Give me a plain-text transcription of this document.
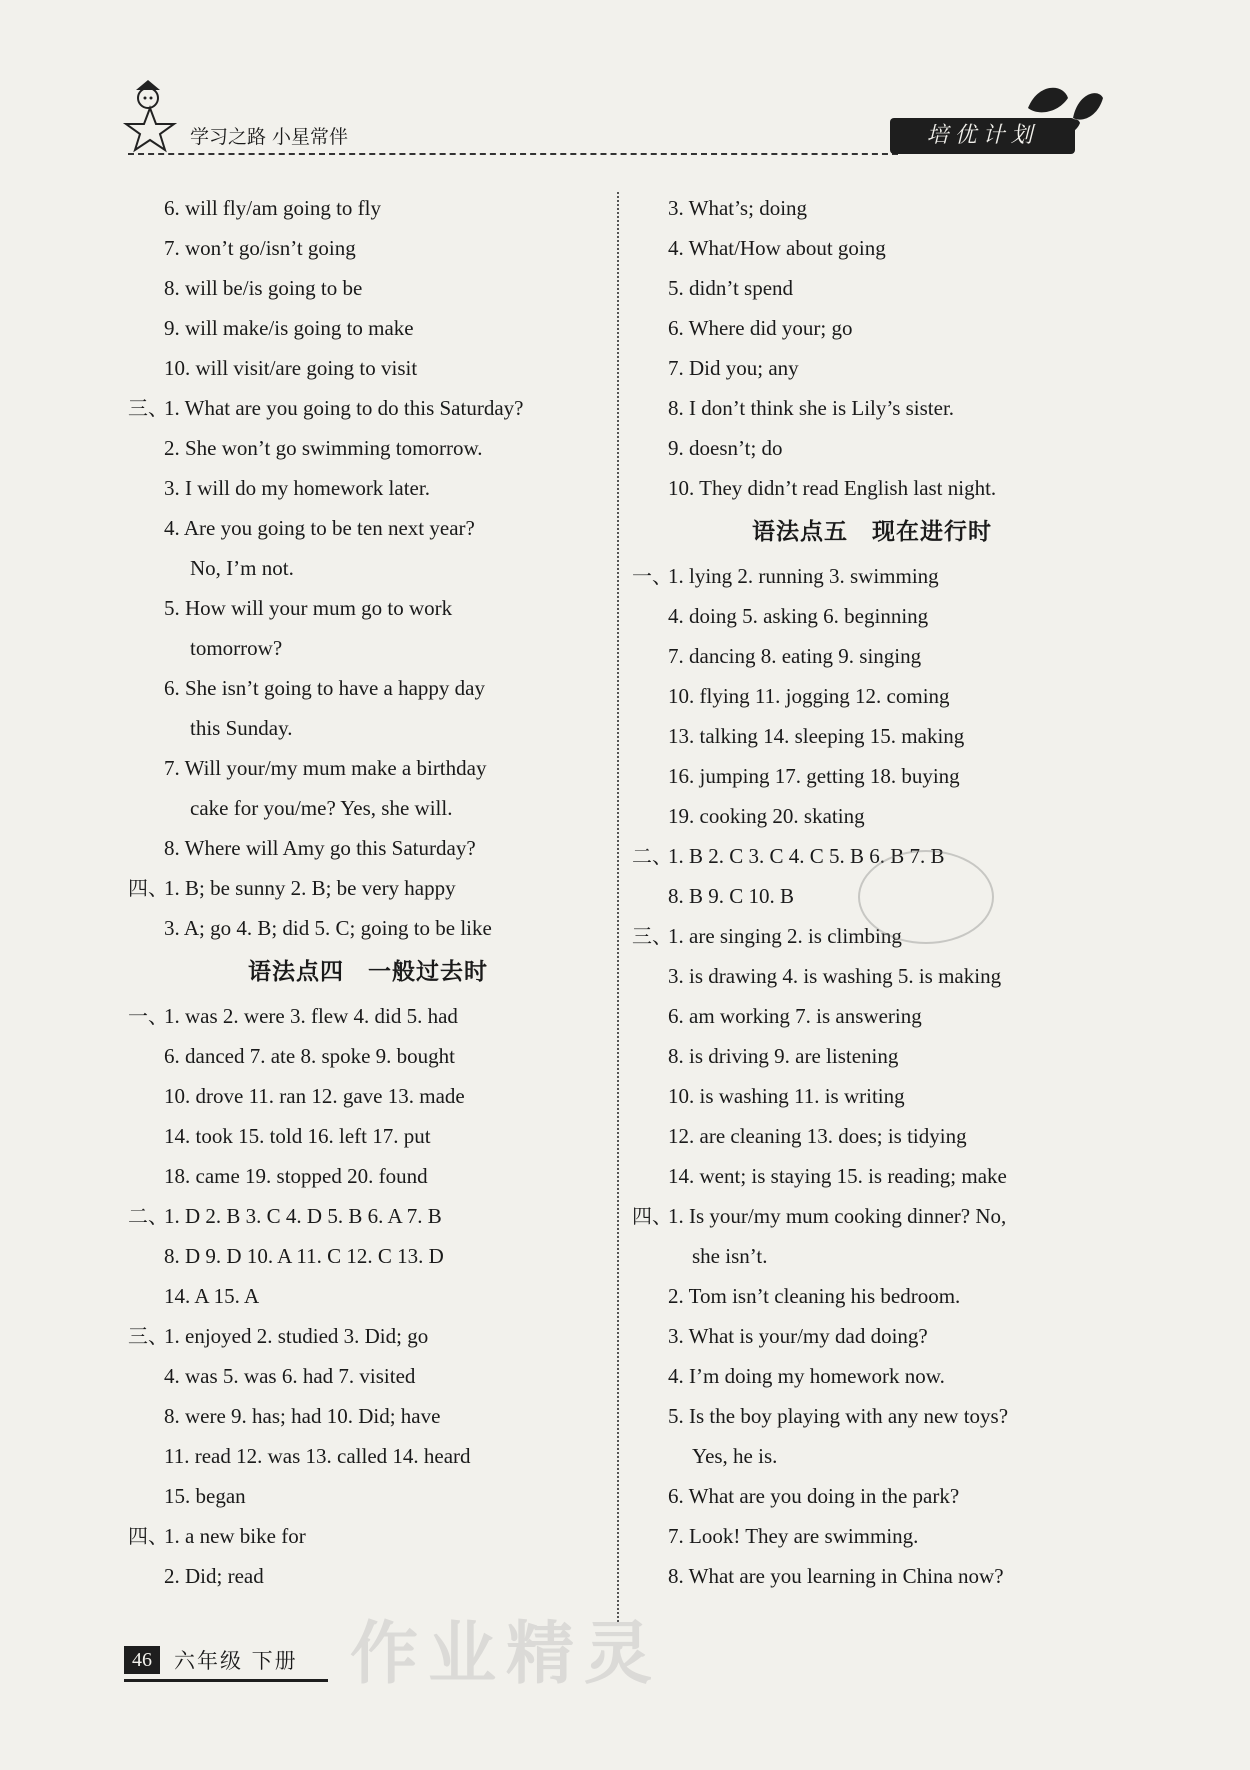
学习之路 小星常伴	培优计划
6. will fly/am going to fly
7. won’t go/isn’t going
8. will be/is going to be
9. will make/is going to make
10. will visit/are going to visit
三、
1. What are you going to do this Saturday?
2. She won’t go swimming tomorrow.
3. I will do my homework later.
4. Are you going to be ten next year?
No, I’m not.
5. How will your mum go to work
tomorrow?
6. She isn’t going to have a happy day
this Sunday.
7. Will your/my mum make a birthday
cake for you/me? Yes, she will.
8. Where will Amy go this Saturday?
四、
1. B; be sunny 2. B; be very happy
3. A; go 4. B; did 5. C; going to be like
语法点四　一般过去时
一、
1. was 2. were 3. flew 4. did 5. had
6. danced 7. ate 8. spoke 9. bought
10. drove 11. ran 12. gave 13. made
14. took 15. told 16. left 17. put
18. came 19. stopped 20. found
二、
1. D 2. B 3. C 4. D 5. B 6. A 7. B
8. D 9. D 10. A 11. C 12. C 13. D
14. A 15. A
三、
1. enjoyed 2. studied 3. Did; go
4. was 5. was 6. had 7. visited
8. were 9. has; had 10. Did; have
11. read 12. was 13. called 14. heard
15. began
四、
1. a new bike for
2. Did; read
3. What’s; doing
4. What/How about going
5. didn’t spend
6. Where did your; go
7. Did you; any
8. I don’t think she is Lily’s sister.
9. doesn’t; do
10. They didn’t read English last night.
语法点五　现在进行时
一、
1. lying 2. running 3. swimming
4. doing 5. asking 6. beginning
7. dancing 8. eating 9. singing
10. flying 11. jogging 12. coming
13. talking 14. sleeping 15. making
16. jumping 17. getting 18. buying
19. cooking 20. skating
二、
1. B 2. C 3. C 4. C 5. B 6. B 7. B
8. B 9. C 10. B
三、
1. are singing 2. is climbing
3. is drawing 4. is washing 5. is making
6. am working 7. is answering
8. is driving 9. are listening
10. is washing 11. is writing
12. are cleaning 13. does; is tidying
14. went; is staying 15. is reading; make
四、
1. Is your/my mum cooking dinner? No,
she isn’t.
2. Tom isn’t cleaning his bedroom.
3. What is your/my dad doing?
4. I’m doing my homework now.
5. Is the boy playing with any new toys?
Yes, he is.
6. What are you doing in the park?
7. Look! They are swimming.
8. What are you learning in China now?
作业精灵
46 六年级 下册
